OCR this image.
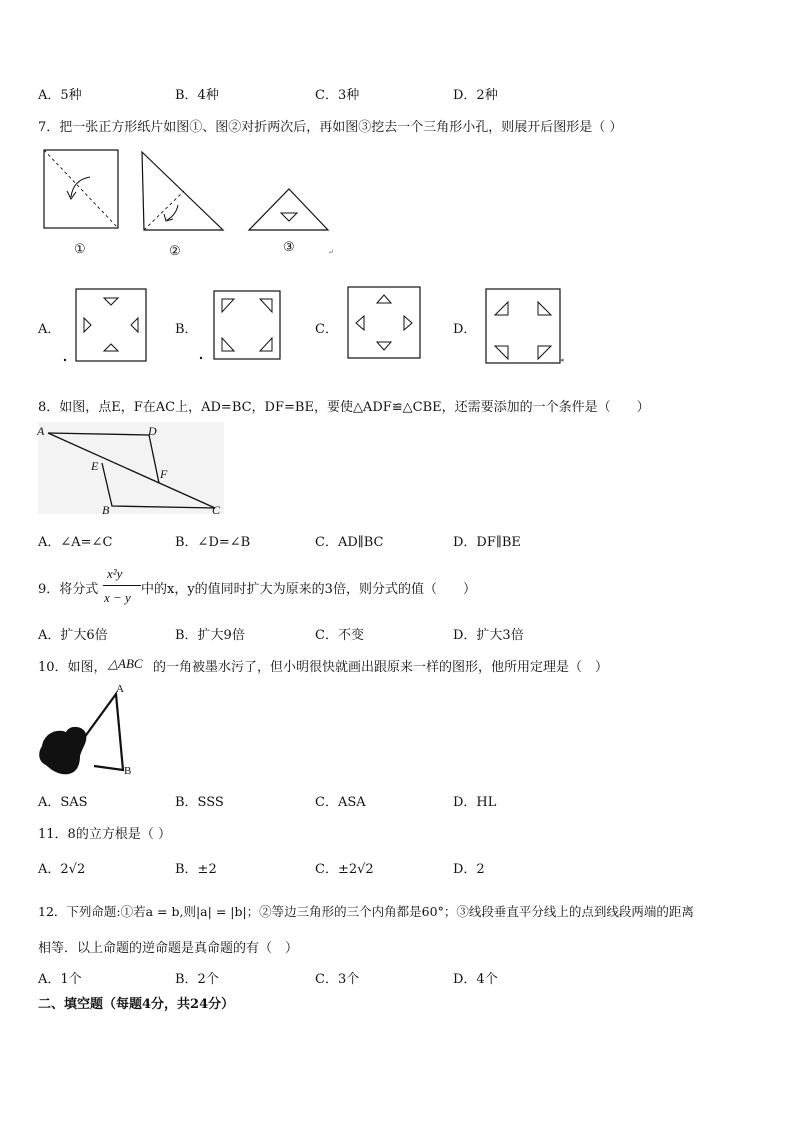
A．5种	B．4种	C．3种	D．2种
7．把一张正方形纸片如图①、图②对折两次后，再如图③挖去一个三角形小孔，则展开后图形是（ ）
↵
①	②	③
A．	B．	C．	D．
◂
8．如图，点E，F在AC上，AD=BC，DF=BE，要使△ADF≌△CBE，还需要添加的一个条件是（　　）
A	D
E
F
B	C
A．∠A=∠C	B．∠D=∠B	C．AD∥BC	D．DF∥BE
9．将分式
x²y
x − y
中的x，y的值同时扩大为原来的3倍，则分式的值（　　）
A．扩大6倍	B．扩大9倍	C．不变	D．扩大3倍
10．如图， △ABC 的一角被墨水污了，但小明很快就画出跟原来一样的图形，他所用定理是（　）
A
B
A．SAS	B．SSS	C．ASA	D．HL
11．8的立方根是（ ）
A．2√2	B．±2	C．±2√2	D．2
12．下列命题:①若a = b,则|a| = |b|；②等边三角形的三个内角都是60°；③线段垂直平分线上的点到线段两端的距离
相等．以上命题的逆命题是真命题的有（　）
A．1个	B．2个	C．3个	D．4个
二、填空题（每题4分，共24分）
